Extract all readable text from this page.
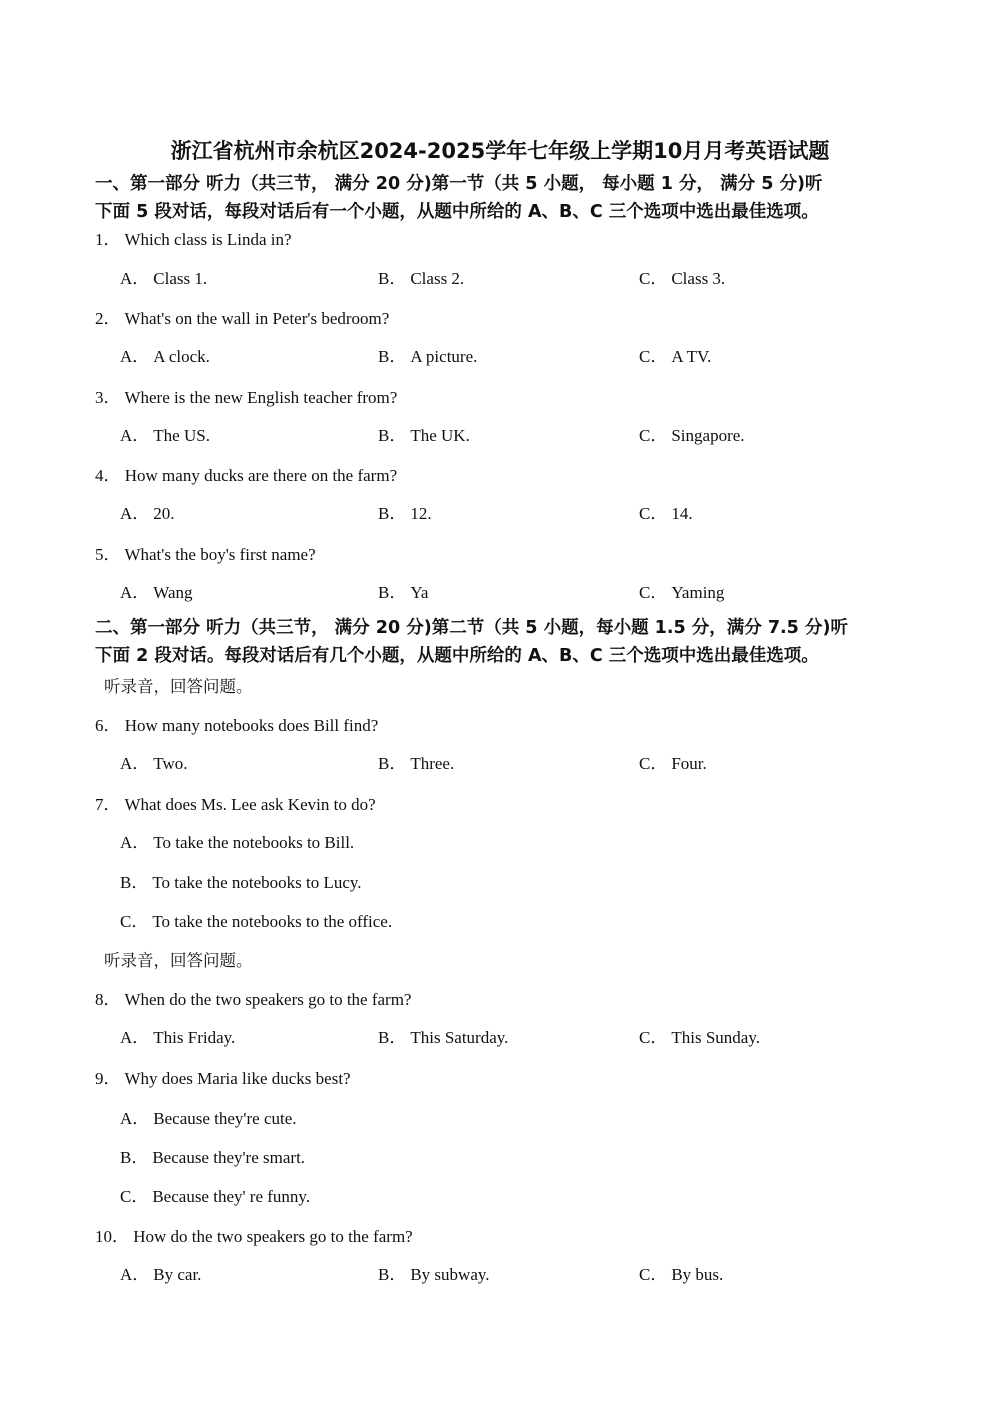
浙江省杭州市余杭区2024-2025学年七年级上学期10月月考英语试题
一、第一部分 听力（共三节， 满分 20 分)第一节（共 5 小题， 每小题 1 分， 满分 5 分)听
下面 5 段对话，每段对话后有一个小题，从题中所给的 A、B、C 三个选项中选出最佳选项。
1． Which class is Linda in?
A． Class 1.	B． Class 2.	C． Class 3.
2． What's on the wall in Peter's bedroom?
A． A clock.	B． A picture.	C． A TV.
3． Where is the new English teacher from?
A． The US.	B． The UK.	C． Singapore.
4． How many ducks are there on the farm?
A． 20.	B． 12.	C． 14.
5． What's the boy's first name?
A． Wang	B． Ya	C． Yaming
二、第一部分 听力（共三节， 满分 20 分)第二节（共 5 小题，每小题 1.5 分，满分 7.5 分)听
下面 2 段对话。每段对话后有几个小题，从题中所给的 A、B、C 三个选项中选出最佳选项。
听录音，回答问题。
6． How many notebooks does Bill find?
A． Two.	B． Three.	C． Four.
7． What does Ms. Lee ask Kevin to do?
A． To take the notebooks to Bill.
B． To take the notebooks to Lucy.
C． To take the notebooks to the office.
听录音，回答问题。
8． When do the two speakers go to the farm?
A． This Friday.	B． This Saturday.	C． This Sunday.
9． Why does Maria like ducks best?
A． Because they're cute.
B． Because they're smart.
C． Because they' re funny.
10． How do the two speakers go to the farm?
A． By car.	B． By subway.	C． By bus.
